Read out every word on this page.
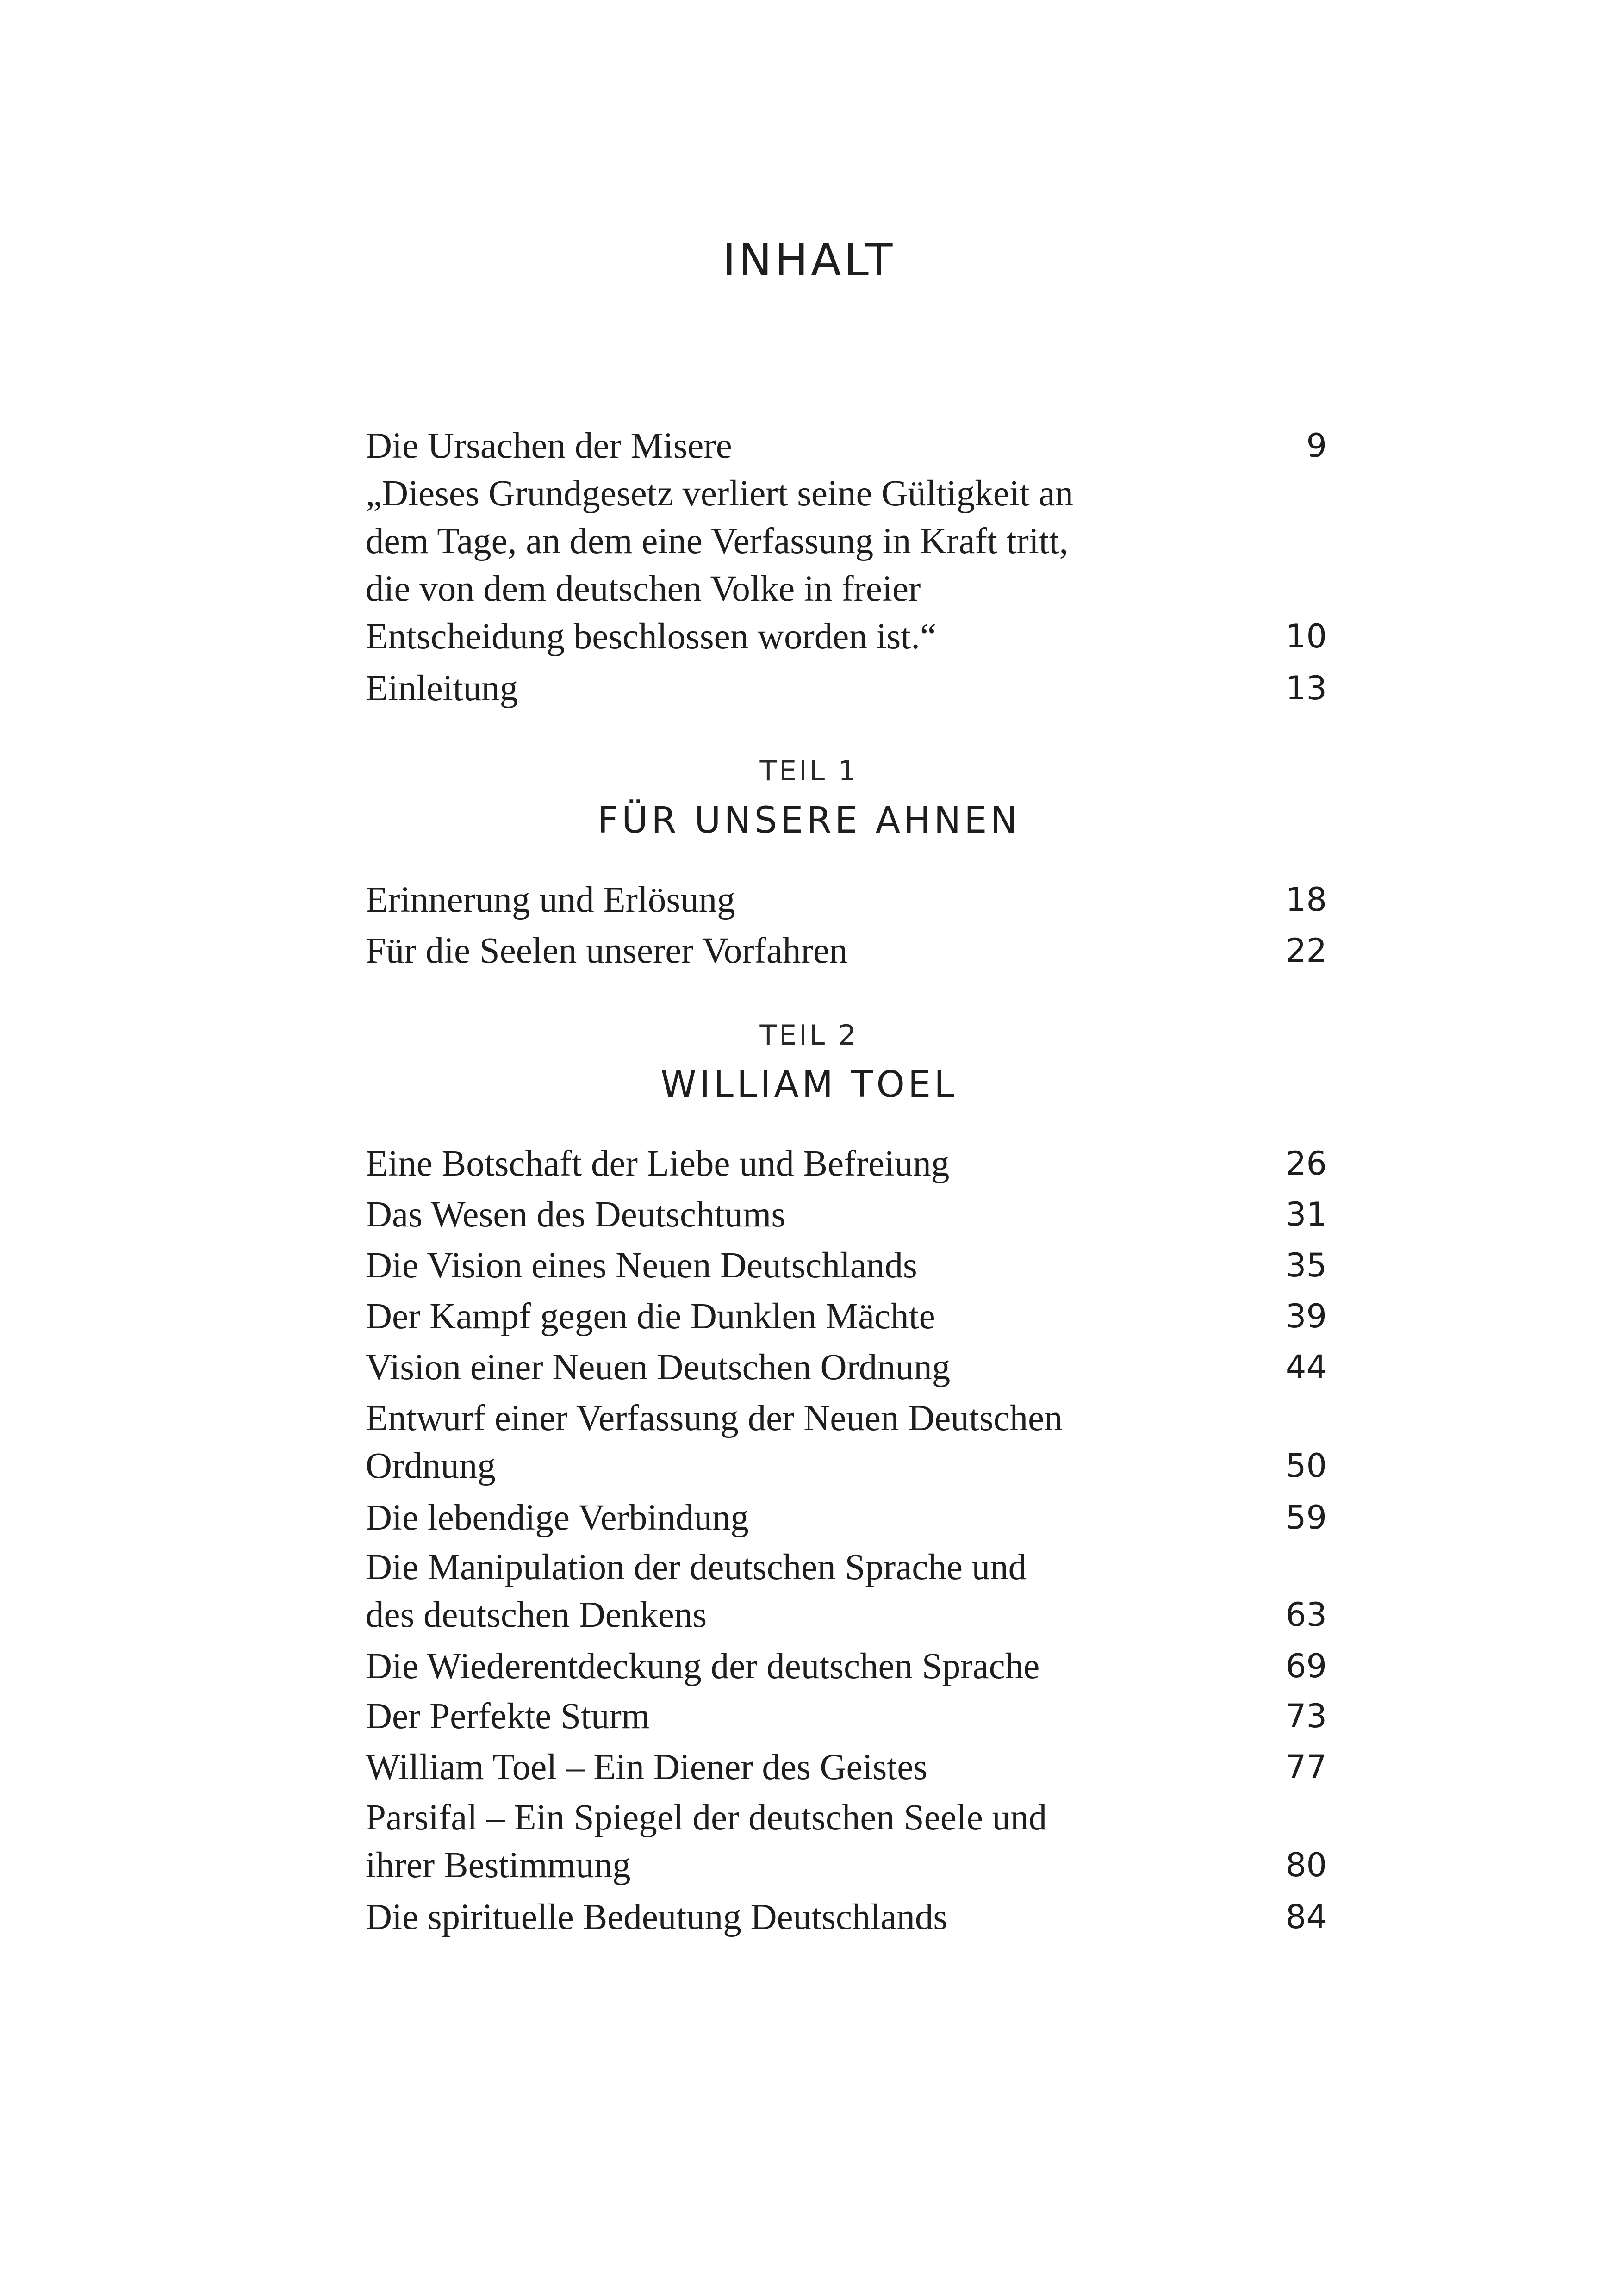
INHALT
Die Ursachen der Misere	9
„Dieses Grundgesetz verliert seine Gültigkeit an
dem Tage, an dem eine Verfassung in Kraft tritt,
die von dem deutschen Volke in freier
Entscheidung beschlossen worden ist.“	10
Einleitung	13
TEIL 1
FÜR UNSERE AHNEN
Erinnerung und Erlösung	18
Für die Seelen unserer Vorfahren	22
TEIL 2
WILLIAM TOEL
Eine Botschaft der Liebe und Befreiung	26
Das Wesen des Deutschtums	31
Die Vision eines Neuen Deutschlands	35
Der Kampf gegen die Dunklen Mächte	39
Vision einer Neuen Deutschen Ordnung	44
Entwurf einer Verfassung der Neuen Deutschen
Ordnung	50
Die lebendige Verbindung	59
Die Manipulation der deutschen Sprache und
des deutschen Denkens	63
Die Wiederentdeckung der deutschen Sprache	69
Der Perfekte Sturm	73
William Toel – Ein Diener des Geistes	77
Parsifal – Ein Spiegel der deutschen Seele und
ihrer Bestimmung	80
Die spirituelle Bedeutung Deutschlands	84
